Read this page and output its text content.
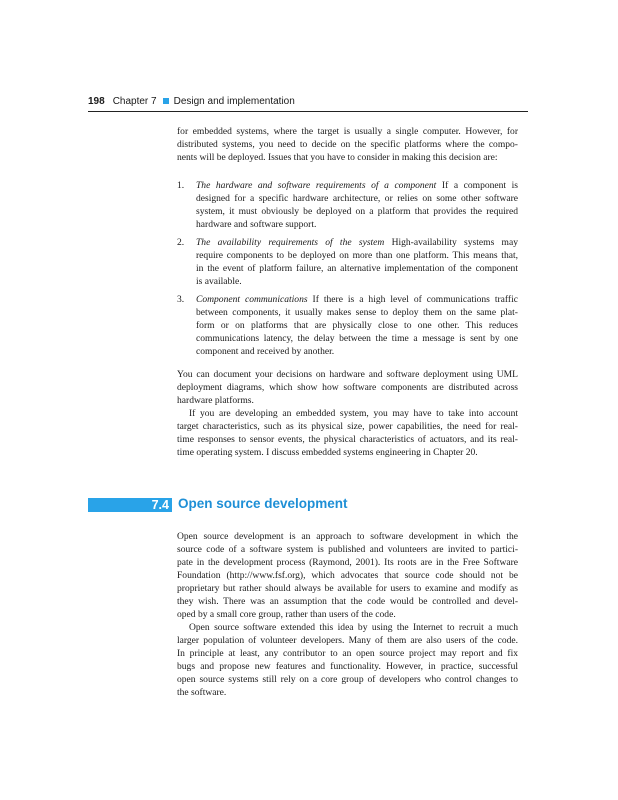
198 Chapter 7 Design and implementation

for embedded systems, where the target is usually a single computer. However, for

distributed systems, you need to decide on the specific platforms where the compo-

nents will be deployed. Issues that you have to consider in making this decision are:

1. The hardware and software requirements of a component If a component is

designed for a specific hardware architecture, or relies on some other software

system, it must obviously be deployed on a platform that provides the required

hardware and software support.

2. The availability requirements of the system High-availability systems may

require components to be deployed on more than one platform. This means that,

in the event of platform failure, an alternative implementation of the component

is available.

3. Component communications If there is a high level of communications traffic

between components, it usually makes sense to deploy them on the same plat-

form or on platforms that are physically close to one other. This reduces

communications latency, the delay between the time a message is sent by one

component and received by another.

You can document your decisions on hardware and software deployment using UML

deployment diagrams, which show how software components are distributed across

hardware platforms.

If you are developing an embedded system, you may have to take into account

target characteristics, such as its physical size, power capabilities, the need for real-

time responses to sensor events, the physical characteristics of actuators, and its real-

time operating system. I discuss embedded systems engineering in Chapter 20.

7.4 Open source development

Open source development is an approach to software development in which the

source code of a software system is published and volunteers are invited to partici-

pate in the development process (Raymond, 2001). Its roots are in the Free Software

Foundation (http://www.fsf.org), which advocates that source code should not be

proprietary but rather should always be available for users to examine and modify as

they wish. There was an assumption that the code would be controlled and devel-

oped by a small core group, rather than users of the code.

Open source software extended this idea by using the Internet to recruit a much

larger population of volunteer developers. Many of them are also users of the code.

In principle at least, any contributor to an open source project may report and fix

bugs and propose new features and functionality. However, in practice, successful

open source systems still rely on a core group of developers who control changes to

the software.
